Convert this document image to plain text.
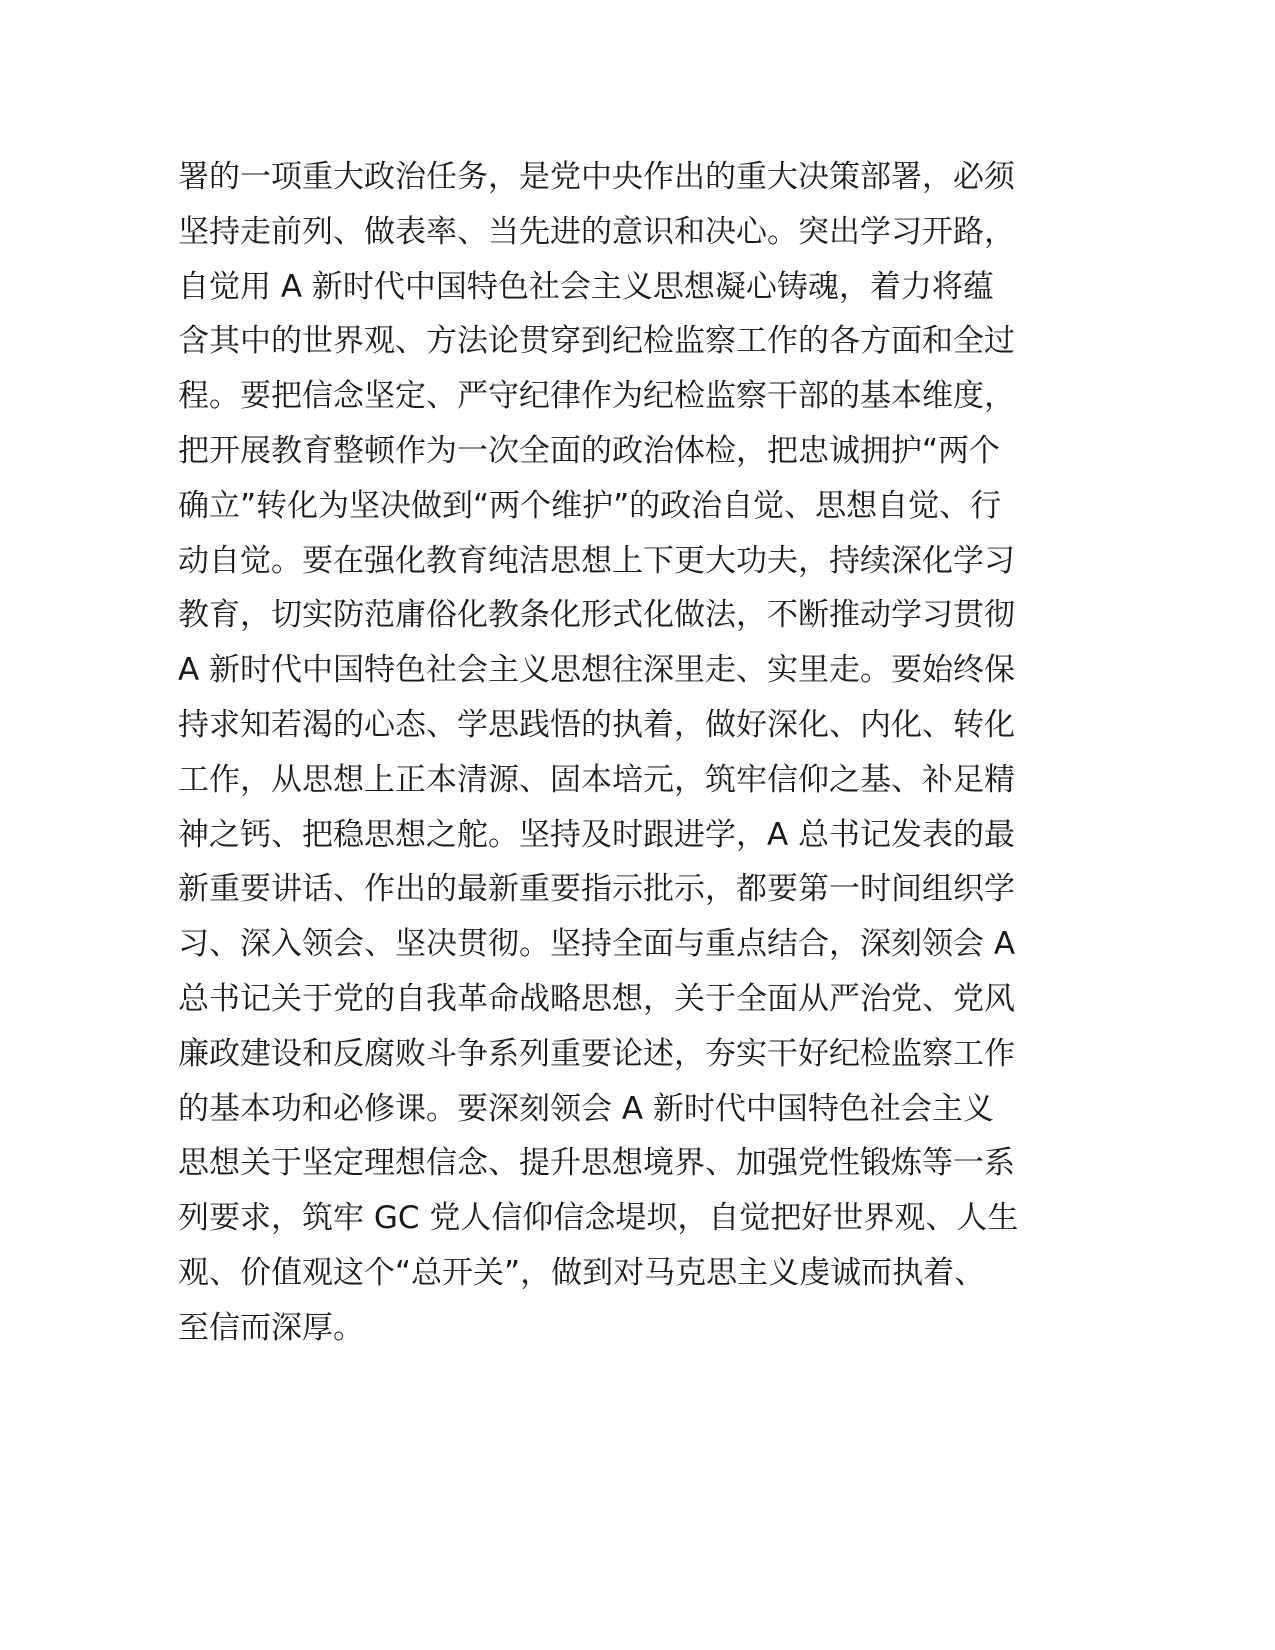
署的一项重大政治任务，是党中央作出的重大决策部署，必须
坚持走前列、做表率、当先进的意识和决心。突出学习开路，
自觉用 A 新时代中国特色社会主义思想凝心铸魂，着力将蕴
含其中的世界观、方法论贯穿到纪检监察工作的各方面和全过
程。要把信念坚定、严守纪律作为纪检监察干部的基本维度，
把开展教育整顿作为一次全面的政治体检，把忠诚拥护“两个
确立”转化为坚决做到“两个维护”的政治自觉、思想自觉、行
动自觉。要在强化教育纯洁思想上下更大功夫，持续深化学习
教育，切实防范庸俗化教条化形式化做法，不断推动学习贯彻
A 新时代中国特色社会主义思想往深里走、实里走。要始终保
持求知若渴的心态、学思践悟的执着，做好深化、内化、转化
工作，从思想上正本清源、固本培元，筑牢信仰之基、补足精
神之钙、把稳思想之舵。坚持及时跟进学，A 总书记发表的最
新重要讲话、作出的最新重要指示批示，都要第一时间组织学
习、深入领会、坚决贯彻。坚持全面与重点结合，深刻领会 A
总书记关于党的自我革命战略思想，关于全面从严治党、党风
廉政建设和反腐败斗争系列重要论述，夯实干好纪检监察工作
的基本功和必修课。要深刻领会 A 新时代中国特色社会主义
思想关于坚定理想信念、提升思想境界、加强党性锻炼等一系
列要求，筑牢 GC 党人信仰信念堤坝，自觉把好世界观、人生
观、价值观这个“总开关”，做到对马克思主义虔诚而执着、
至信而深厚。
